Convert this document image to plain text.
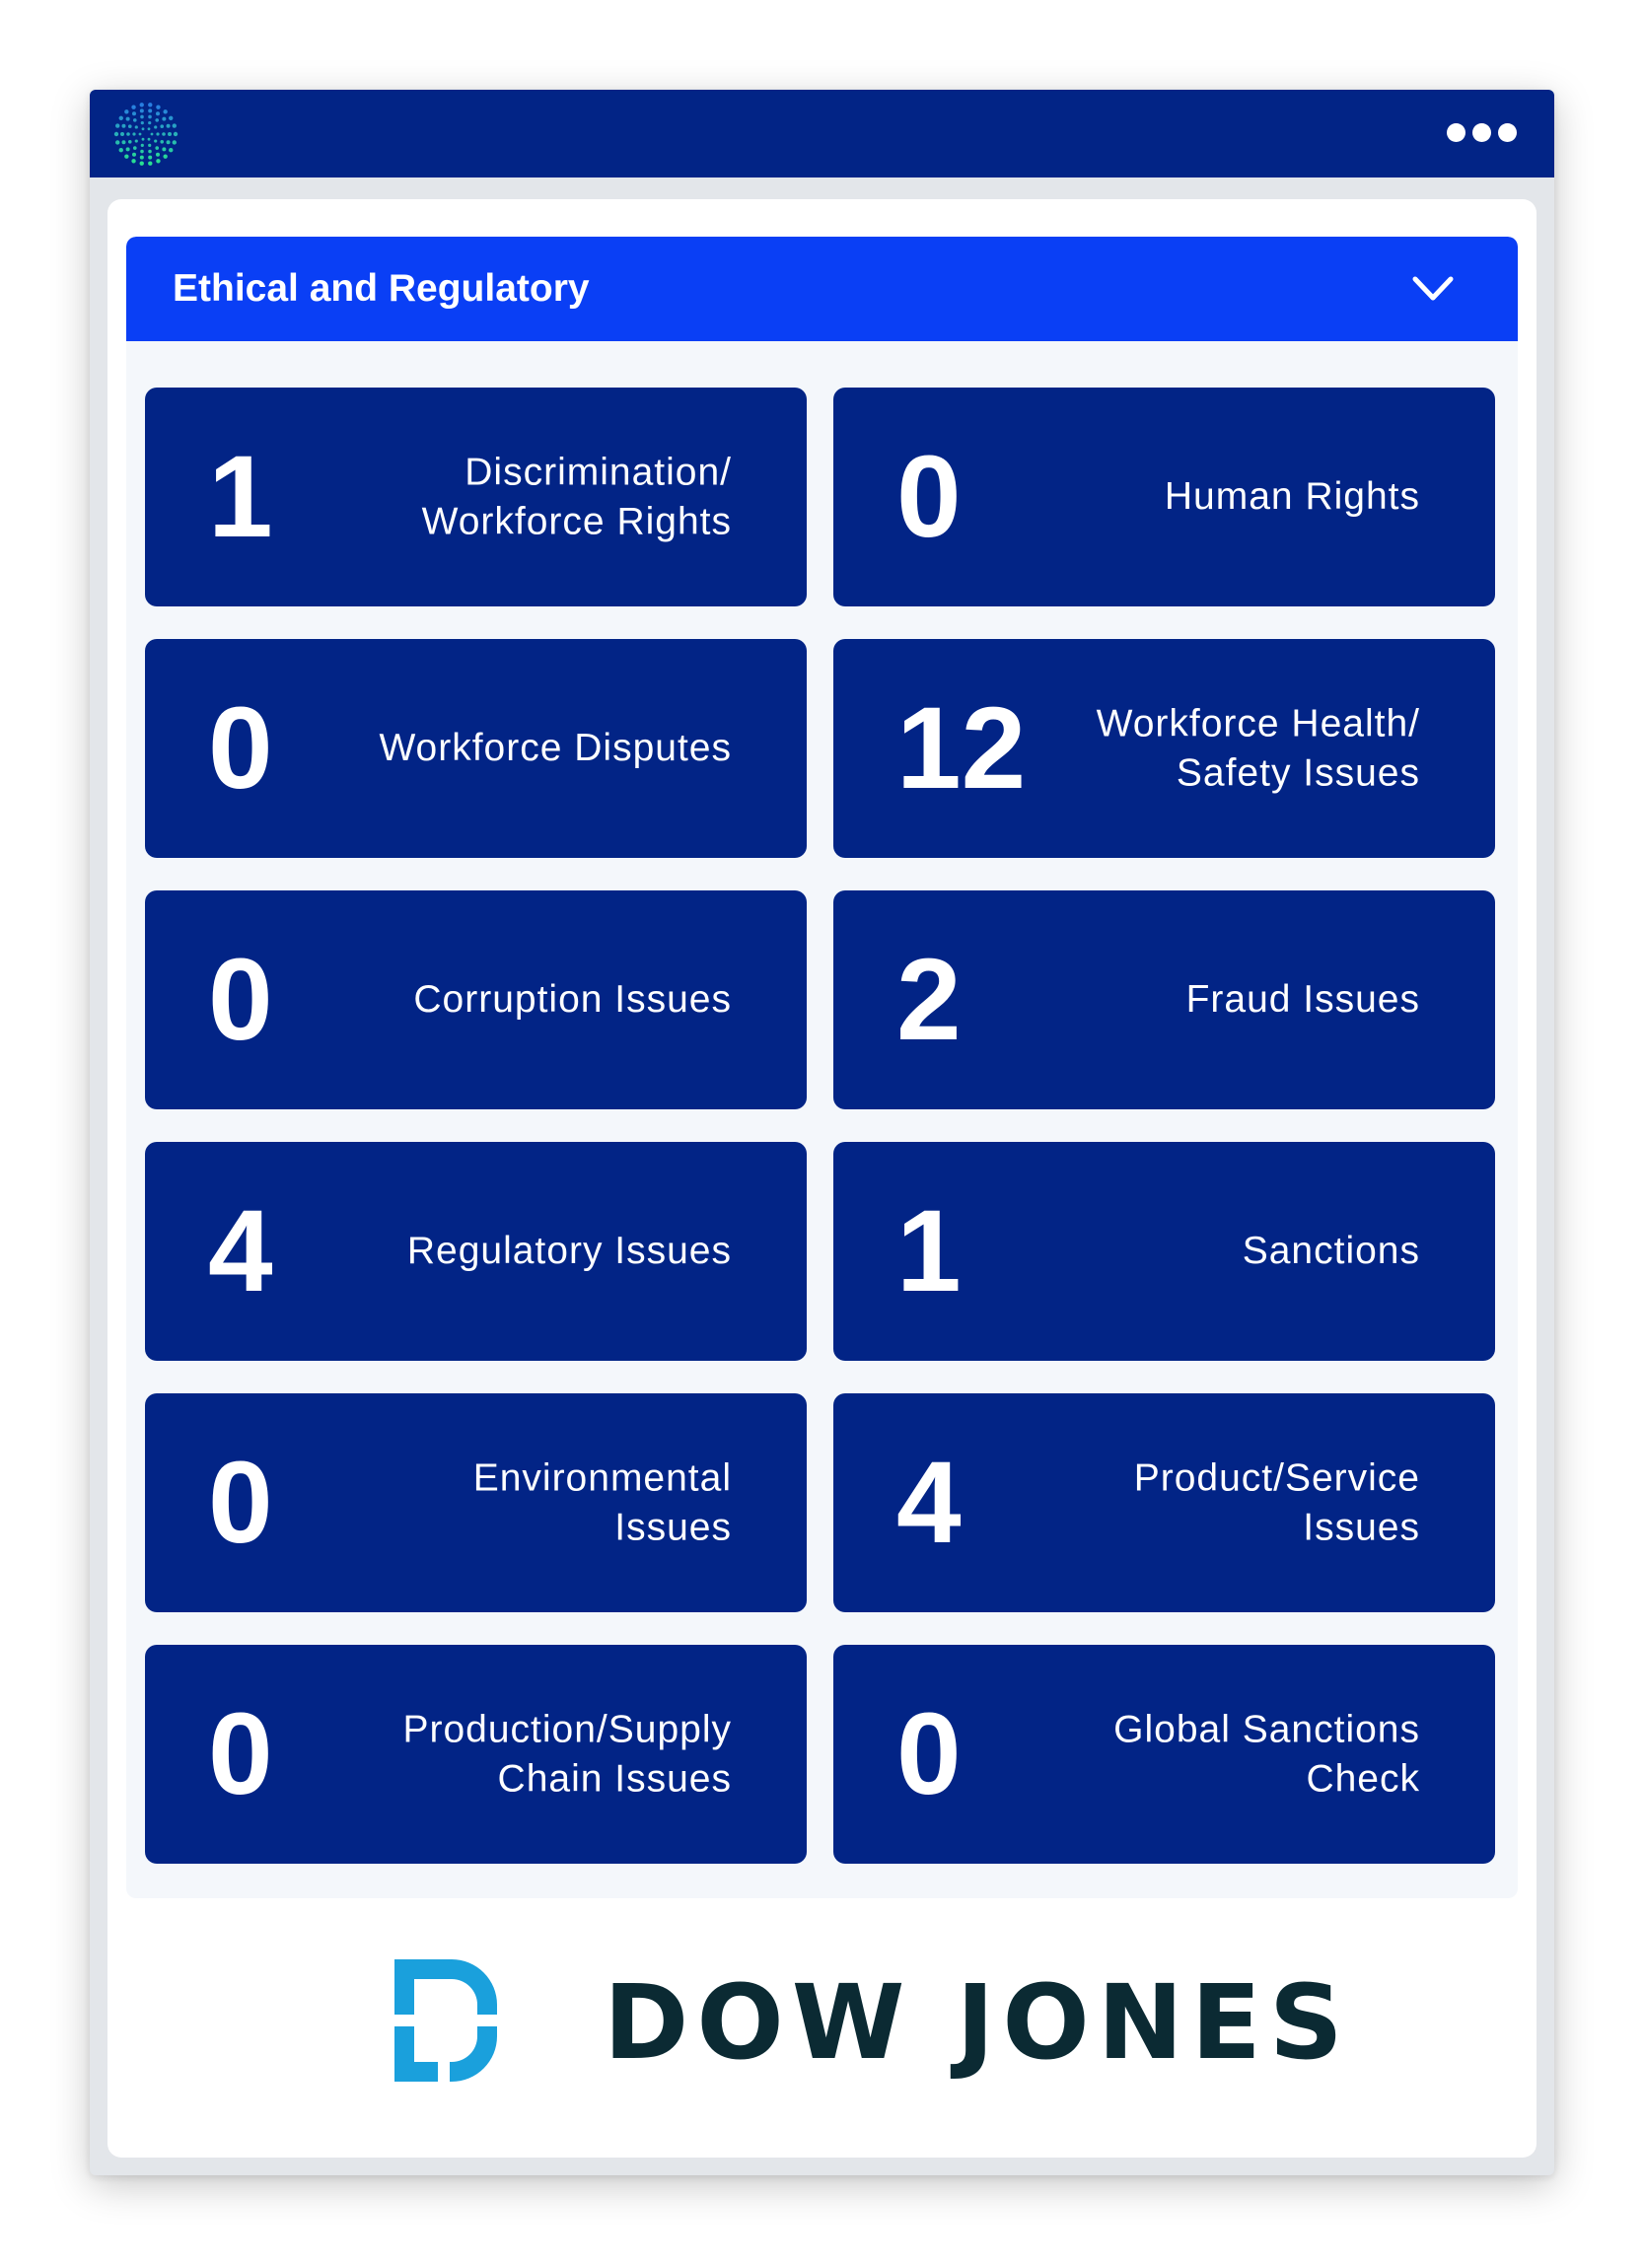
Ethical and Regulatory
1	Discrimination/
Workforce Rights 0	Human Rights
0	Workforce Disputes 12 Workforce Health/
Safety Issues
0	Corruption Issues 2	Fraud Issues
4	Regulatory Issues 1	Sanctions
0	Environmental
Issues 4	Product/Service
Issues
0	Production/Supply
Chain Issues 0	Global Sanctions
Check
DOW JONES
